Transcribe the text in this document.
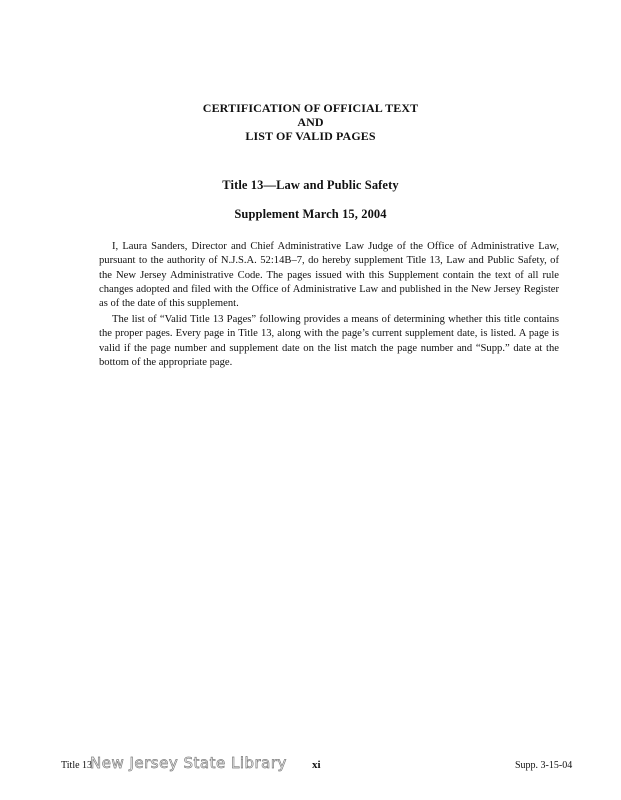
CERTIFICATION OF OFFICIAL TEXT
AND
LIST OF VALID PAGES
Title 13—Law and Public Safety
Supplement March 15, 2004

I, Laura Sanders, Director and Chief Administrative Law Judge of the Office of Administrative Law, pursuant to the authority of N.J.S.A. 52:14B–7, do hereby supplement Title 13, Law and Public Safety, of the New Jersey Administrative Code. The pages issued with this Supplement contain the text of all rule changes adopted and filed with the Office of Administrative Law and published in the New Jersey Register as of the date of this supplement.

The list of “Valid Title 13 Pages” following provides a means of determining whether this title contains the proper pages. Every page in Title 13, along with the page’s current supplement date, is listed. A page is valid if the page number and supplement date on the list match the page number and “Supp.” date at the bottom of the appropriate page.

Title 13
New Jersey State Library xi	Supp. 3-15-04
